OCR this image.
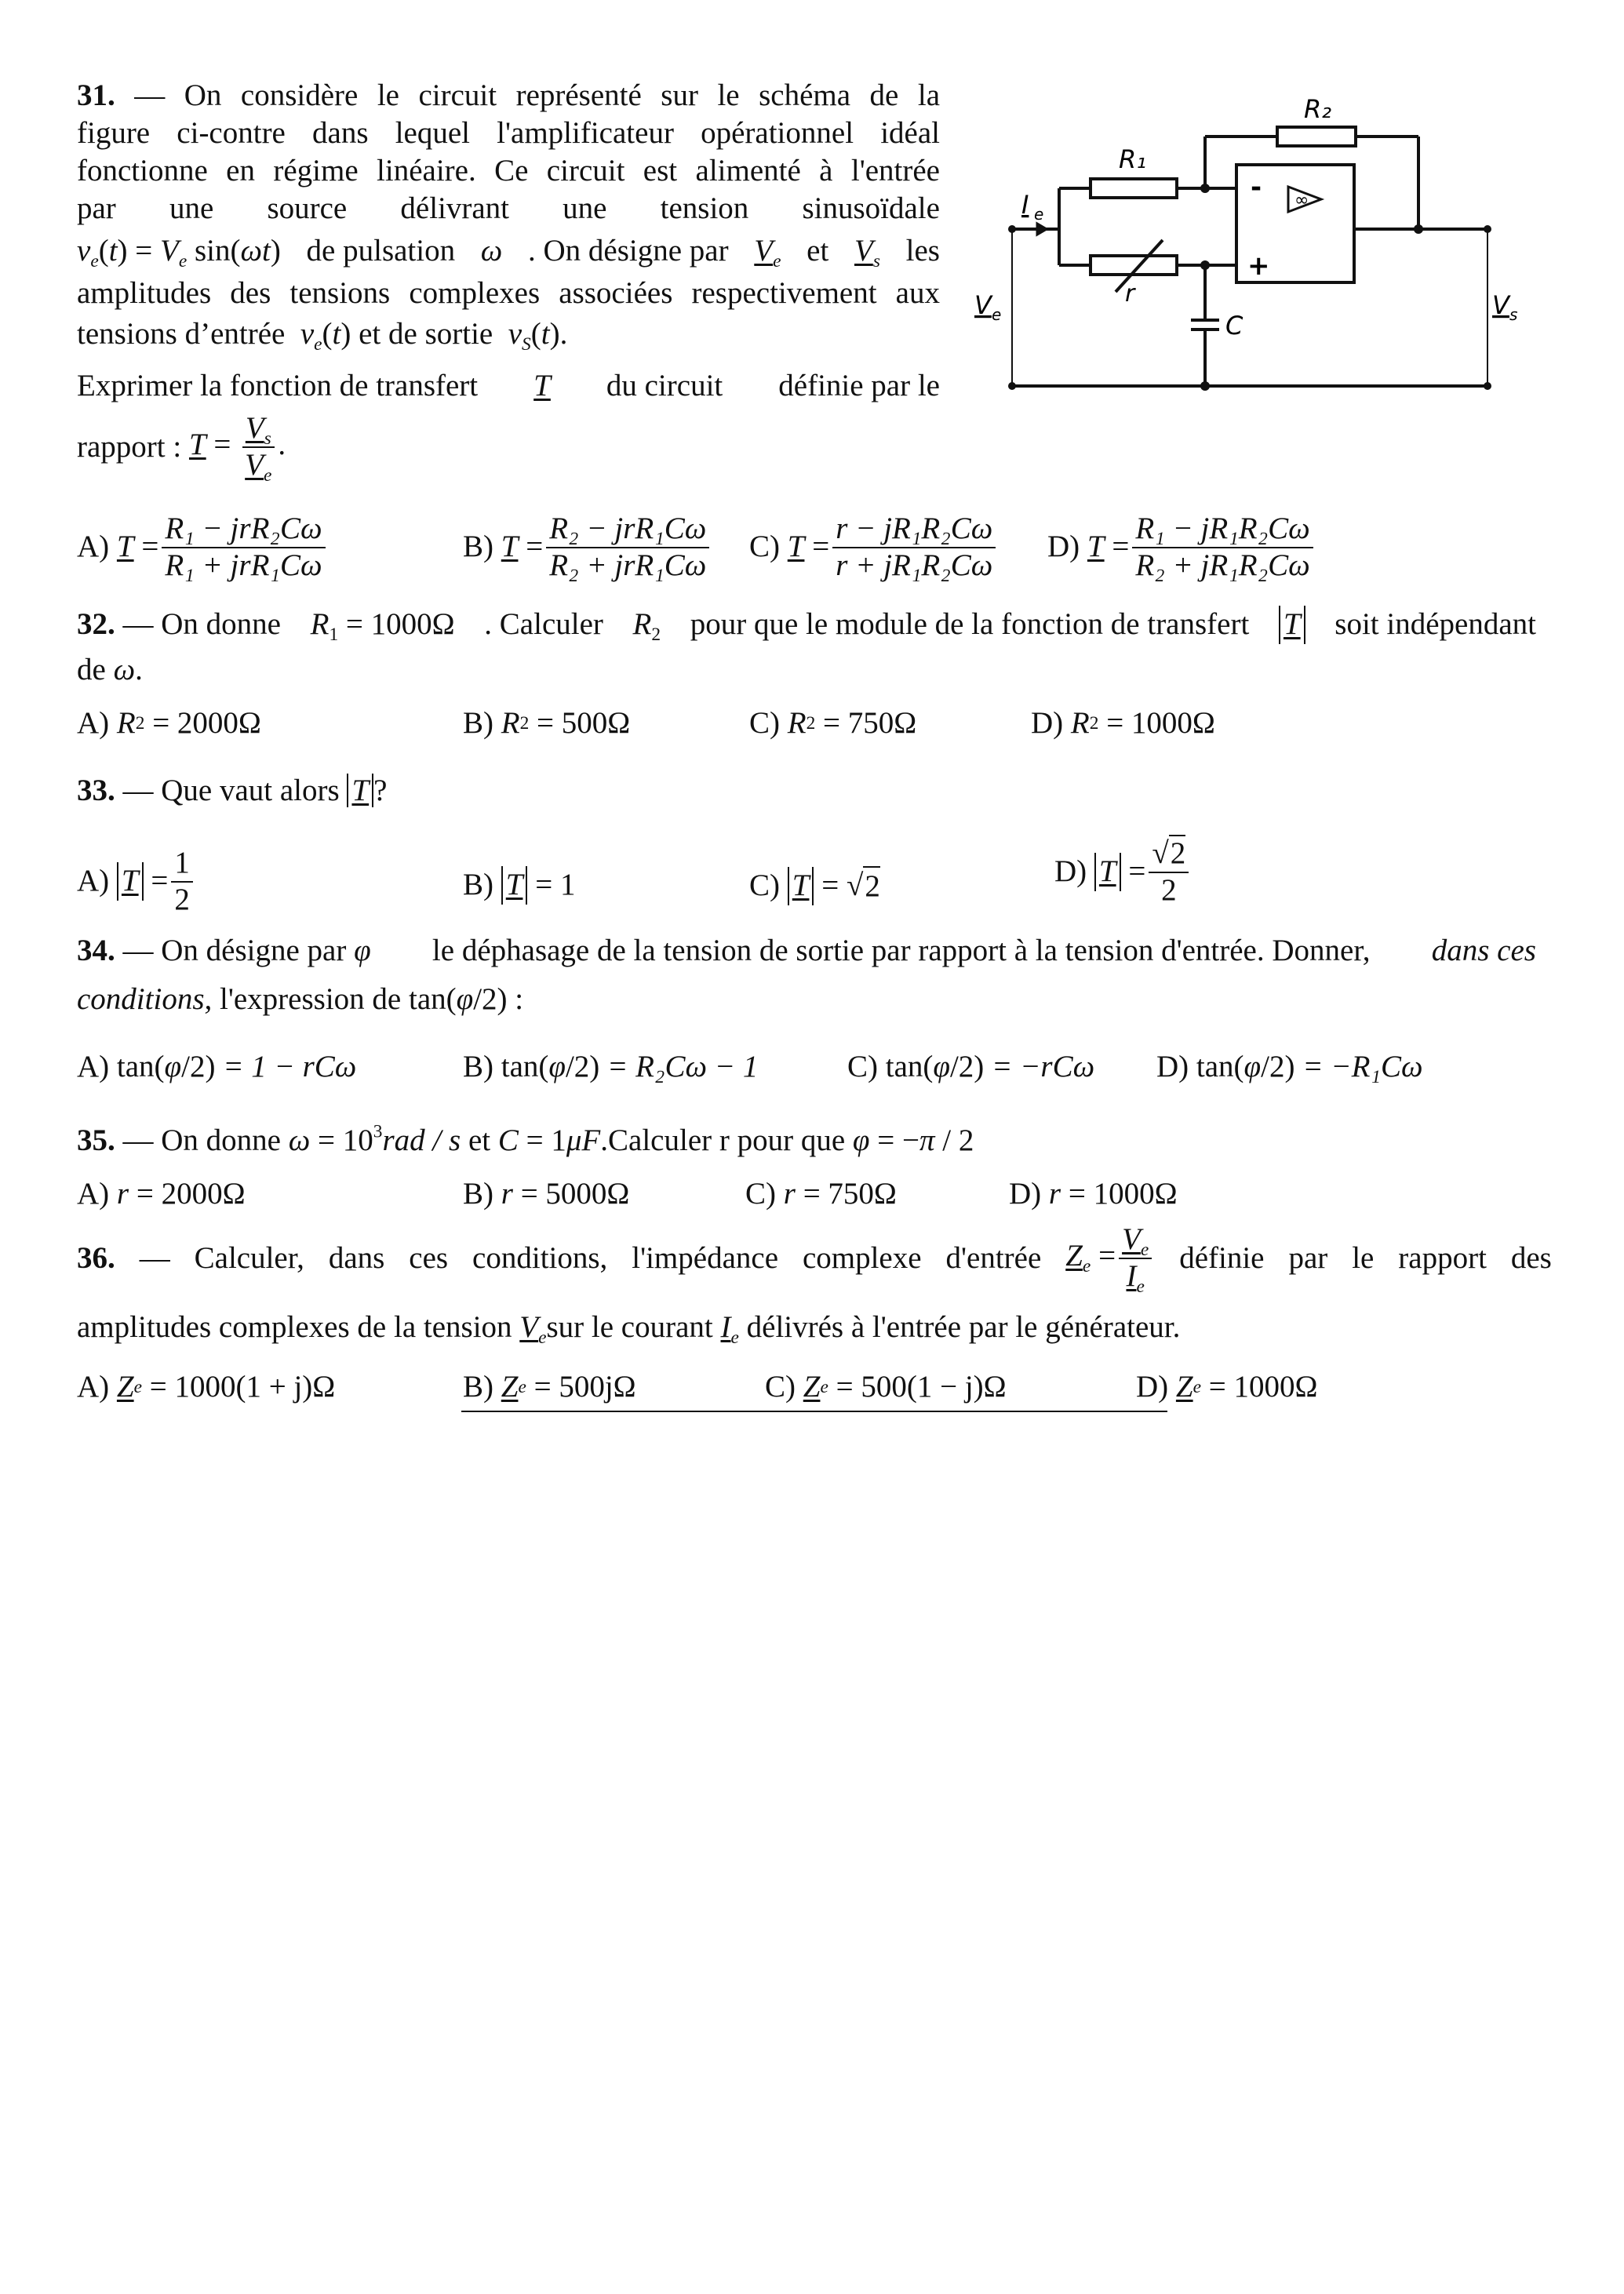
31. — On considère le circuit représenté sur le schéma de la
figure ci-contre dans lequel l'amplificateur opérationnel idéal
fonctionne en régime linéaire. Ce circuit est alimenté à l'entrée
par une source délivrant une tension sinusoïdale
$v_e(t) = V_e$ sin(ωt) de pulsation ω . On désigne par $V_e$ et $V_s$ les
amplitudes des tensions complexes associées respectivement aux
tensions d’entrée $v_e(t)$ et de sortie $v_S(t)$.
Exprimer la fonction de transfert T du circuit définie par le
rapport : $T = \frac{V_s}{V_e}$ .
A)
$T = \frac{\text{R₁ − jrR₂Cω}}{\text{R₁ + jrR₁Cω}}$	B)
$T = \frac{\text{R₂ − jrR₁Cω}}{\text{R₂ + jrR₁Cω}} C$)
$T = \frac{\text{r − jR₁R₂Cω}}{\text{r + jR₁R₂Cω}} D$)
$T = \frac{\text{R₁ − jR₁R₂Cω}}{\text{R₂ + jR₁R₂Cω}}$
R₂
R₁
r
C
-
+
∞
I e
V e	V s
32. — On donne $R_1 = 1000\Omega$ . Calculer $R_2$ pour que le module de la fonction de transfert T soit indépendant
de ω.
A)
R 2
= 2000Ω	B)
R 2
= 500Ω	C)
R 2
= 750Ω	D)
R 2
= 1000Ω
33. — Que vaut alors T ?
A)
$T = \frac{1}{2}$	B)
T = 1	C)
T = √ 2	D)
$T = \frac{√2}{2}$
34. — On désigne par φ le déphasage de la tension de sortie par rapport à la tension d'entrée. Donner, dans ces
conditions, l'expression de tan(φ/2) :
A) tan( φ /2) = 1 − rCω	B) tan( φ /2) = R₂Cω − 1	C) tan( φ /2) = −rCω D) tan( φ /2) = −R₁Cω
35. — On donne $\omega = 10^3rad / s$ et C = 1μF.Calculer r pour que φ = −π / 2
A)
r
= 2000Ω	B)
r
= 5000Ω	C)
r
= 750Ω	D)
r
= 1000Ω
36. — Calculer, dans ces conditions, l'impédance complexe d'entrée $Z_e = \frac{V_e}{I_e}$ définie par le rapport des
amplitudes complexes de la tension $V_esur$ le courant $I_e$ délivrés à l'entrée par le générateur.
A)
Z e
= 1000(1 + j)Ω	B)
Z e
= 500jΩ	C)
Z e
= 500(1 − j)Ω	D)
Z e
= 1000Ω
